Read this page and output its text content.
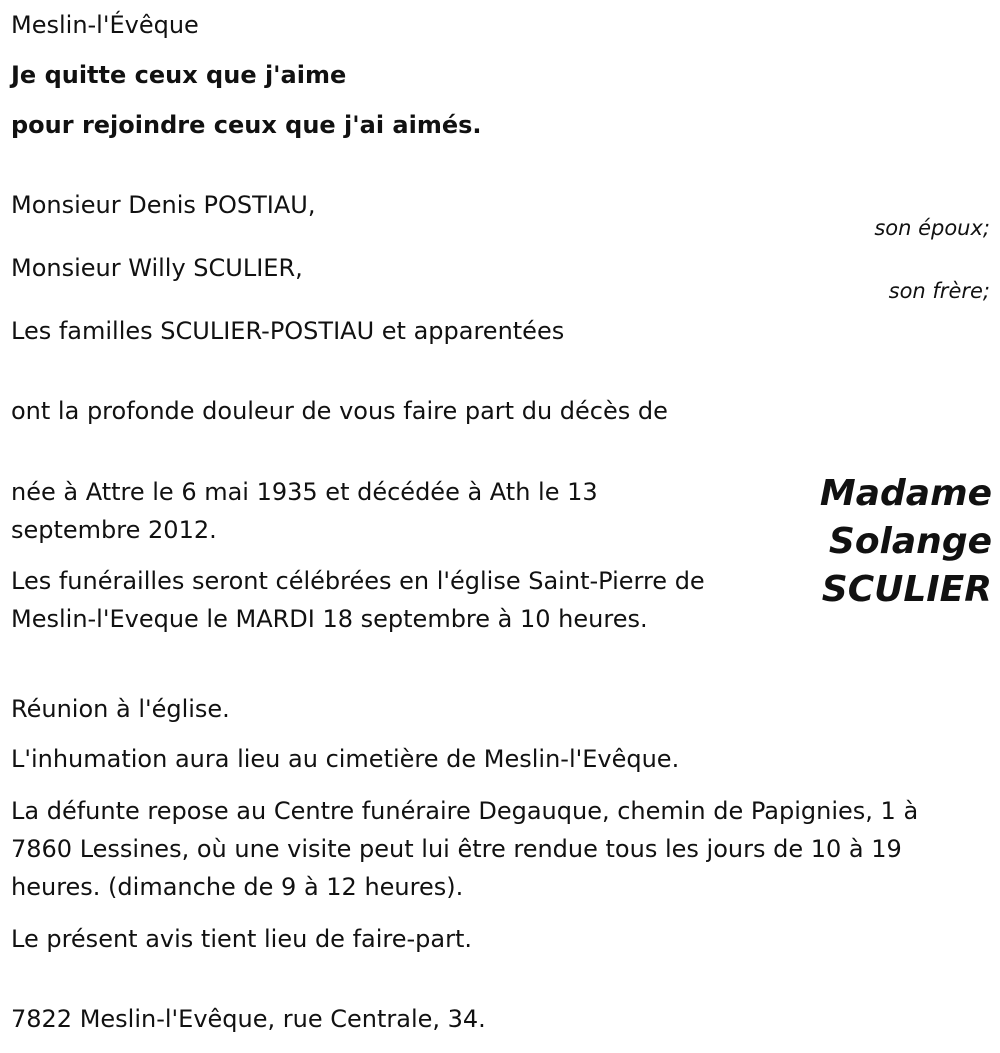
Meslin-l'Évêque
Je quitte ceux que j'aime
pour rejoindre ceux que j'ai aimés.
Monsieur Denis POSTIAU,
son époux;
Monsieur Willy SCULIER,
son frère;
Les familles SCULIER-POSTIAU et apparentées
ont la profonde douleur de vous faire part du décès de
Madame
Solange
SCULIER

née à Attre le 6 mai 1935 et décédée à Ath le 13 septembre 2012.

Les funérailles seront célébrées en l'église Saint-Pierre de Meslin-l'Eveque le MARDI 18 septembre à 10 heures.

Réunion à l'église.
L'inhumation aura lieu au cimetière de Meslin-l'Evêque.

La défunte repose au Centre funéraire Degauque, chemin de Papignies, 1 à 7860 Lessines, où une visite peut lui être rendue tous les jours de 10 à 19 heures. (dimanche de 9 à 12 heures).

Le présent avis tient lieu de faire-part.
7822 Meslin-l'Evêque, rue Centrale, 34.
